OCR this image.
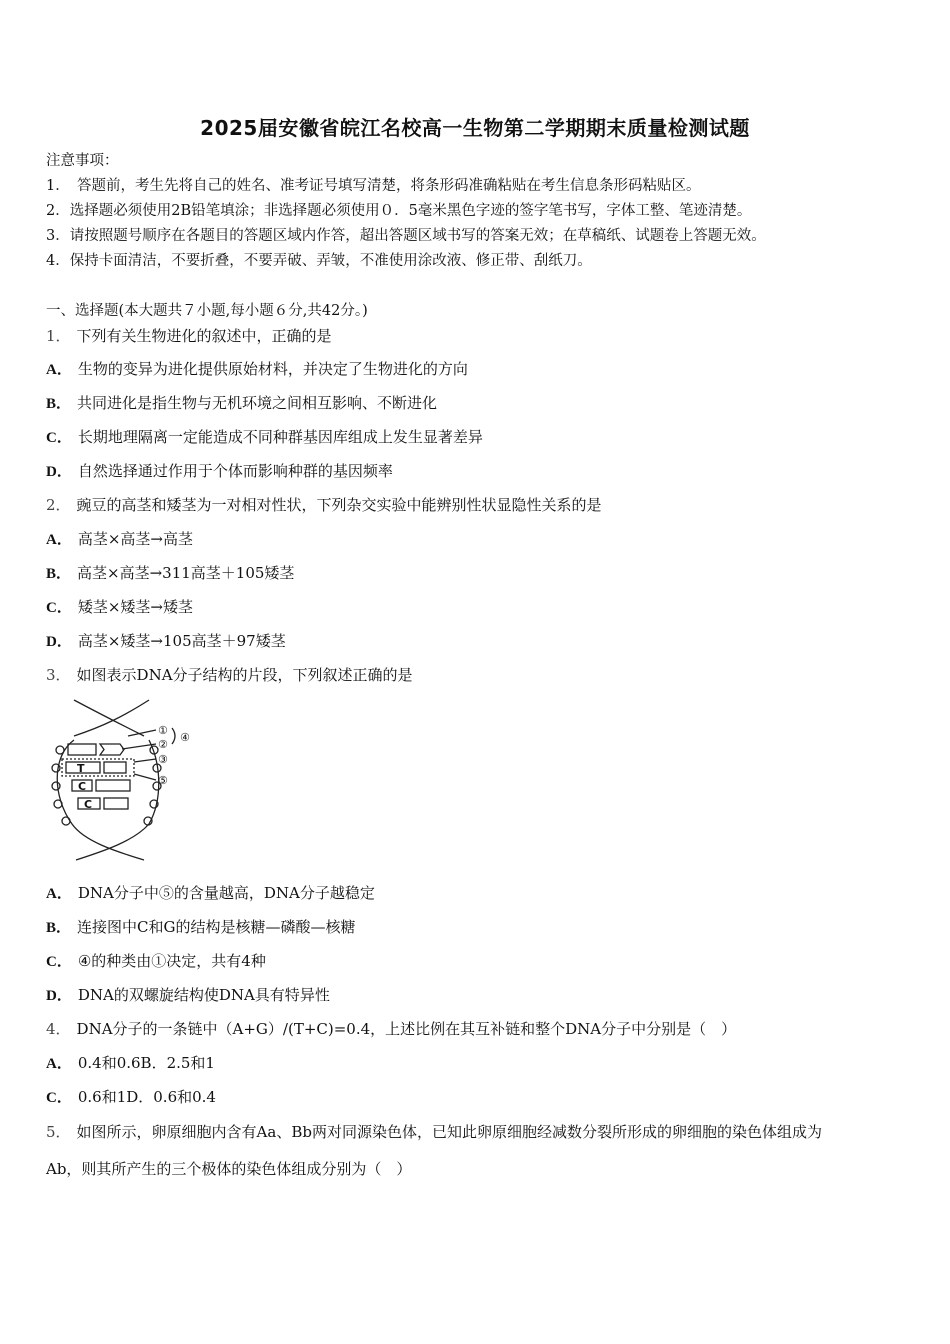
2025届安徽省皖江名校高一生物第二学期期末质量检测试题
注意事项：
1．　答题前，考生先将自己的姓名、准考证号填写清楚，将条形码准确粘贴在考生信息条形码粘贴区。
2．选择题必须使用2B铅笔填涂；非选择题必须使用０．5毫米黑色字迹的签字笔书写，字体工整、笔迹清楚。
3．请按照题号顺序在各题目的答题区域内作答，超出答题区域书写的答案无效；在草稿纸、试题卷上答题无效。
4．保持卡面清洁，不要折叠，不要弄破、弄皱，不准使用涂改液、修正带、刮纸刀。
一、选择题(本大题共７小题,每小题６分,共42分。)
1． 下列有关生物进化的叙述中，正确的是
A． 生物的变异为进化提供原始材料，并决定了生物进化的方向
B． 共同进化是指生物与无机环境之间相互影响、不断进化
C． 长期地理隔离一定能造成不同种群基因库组成上发生显著差异
D． 自然选择通过作用于个体而影响种群的基因频率
2． 豌豆的高茎和矮茎为一对相对性状，下列杂交实验中能辨别性状显隐性关系的是
A． 高茎×高茎→高茎
B． 高茎×高茎→311高茎＋105矮茎
C． 矮茎×矮茎→矮茎
D． 高茎×矮茎→105高茎＋97矮茎
3． 如图表示DNA分子结构的片段，下列叙述正确的是
①
②
③
④
⑤
T
C
C
A． DNA分子中⑤的含量越高，DNA分子越稳定
B． 连接图中C和G的结构是核糖—磷酸—核糖
C． ④的种类由①决定，共有4种
D． DNA的双螺旋结构使DNA具有特异性
4． DNA分子的一条链中（A+G）/(T+C)=0.4，上述比例在其互补链和整个DNA分子中分别是（　）
A． 0.4和0.6B．2.5和1
C． 0.6和1D．0.6和0.4
5． 如图所示，卵原细胞内含有Aa、Bb两对同源染色体，已知此卵原细胞经减数分裂所形成的卵细胞的染色体组成为
Ab，则其所产生的三个极体的染色体组成分别为（　）
